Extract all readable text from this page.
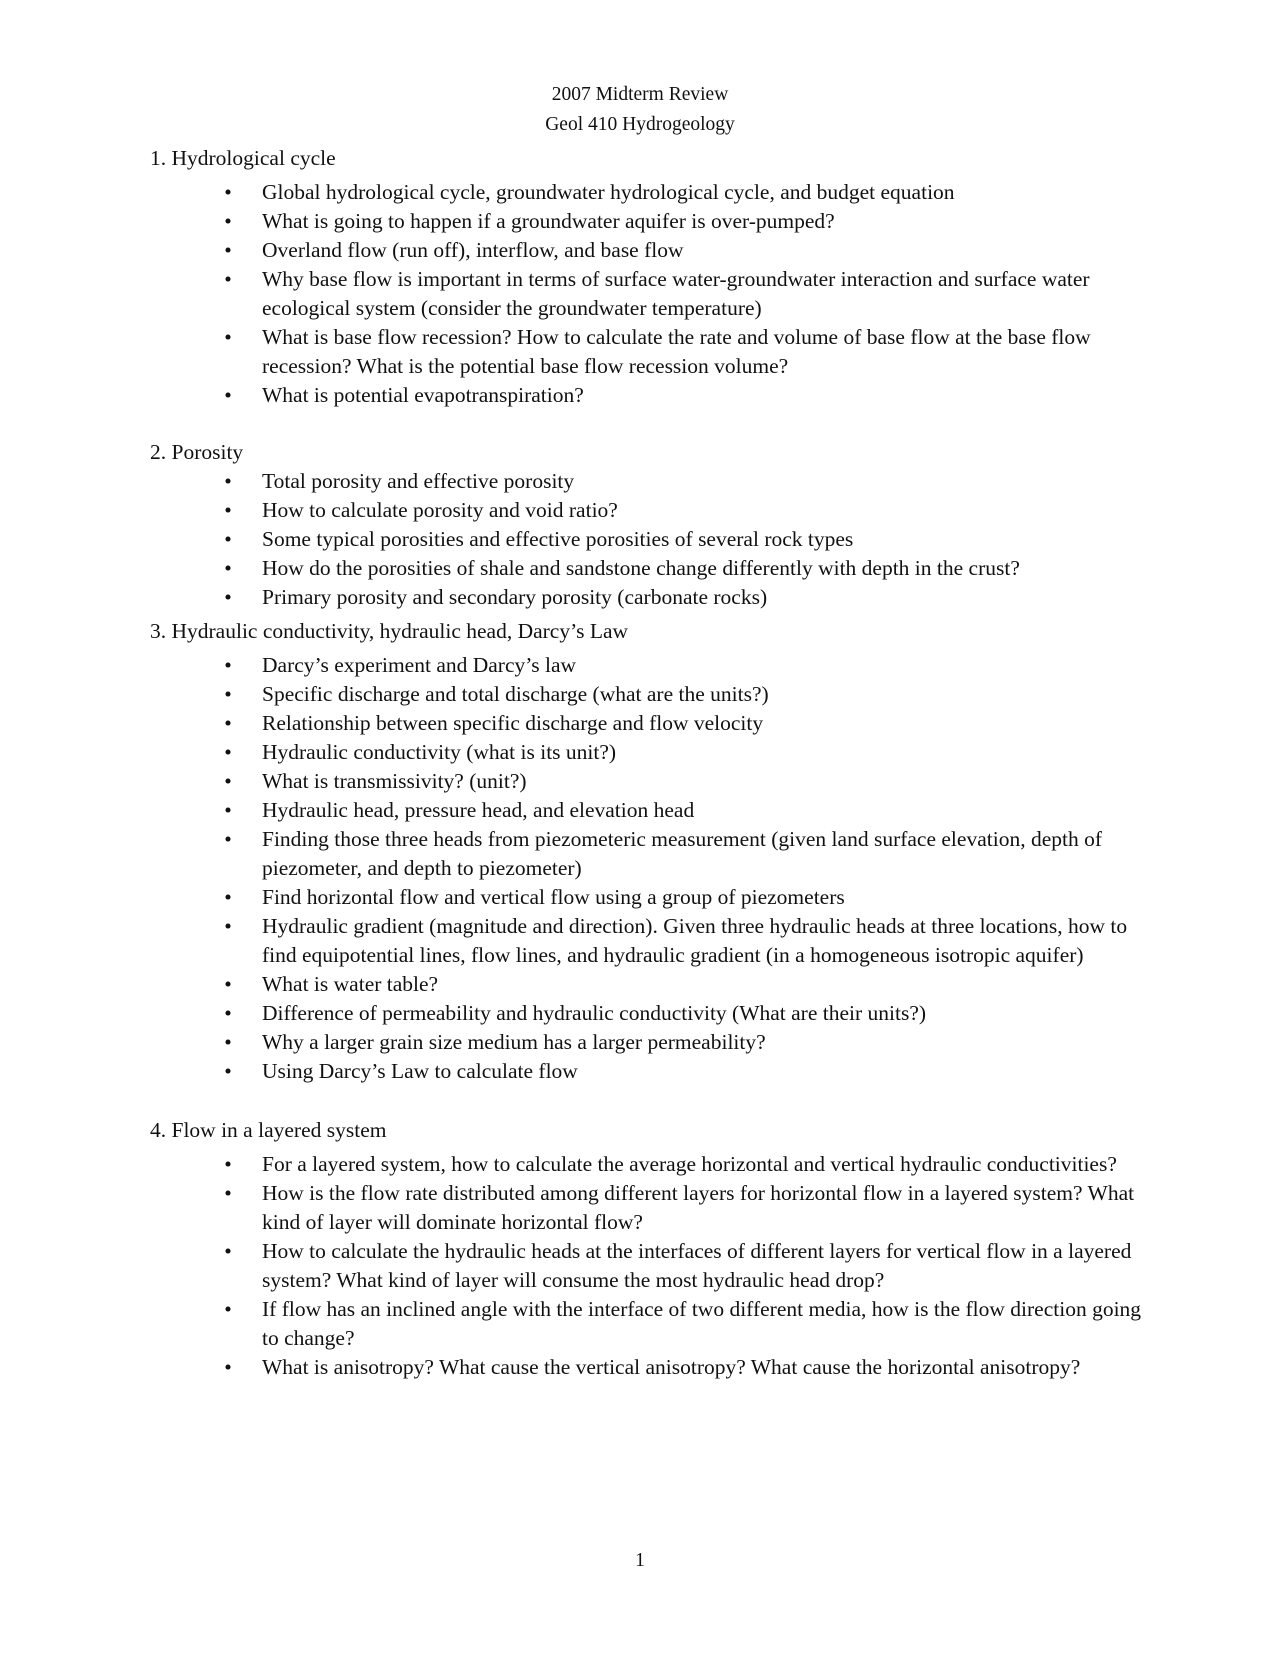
2007 Midterm Review
Geol 410 Hydrogeology
1. Hydrological cycle
• Global hydrological cycle, groundwater hydrological cycle, and budget equation
• What is going to happen if a groundwater aquifer is over-pumped?
• Overland flow (run off), interflow, and base flow
• Why base flow is important in terms of surface water-groundwater interaction and surface water ecological system (consider the groundwater temperature)
• What is base flow recession? How to calculate the rate and volume of base flow at the base flow recession? What is the potential base flow recession volume?
• What is potential evapotranspiration?
2. Porosity
• Total porosity and effective porosity
• How to calculate porosity and void ratio?
• Some typical porosities and effective porosities of several rock types
• How do the porosities of shale and sandstone change differently with depth in the crust?
• Primary porosity and secondary porosity (carbonate rocks)
3. Hydraulic conductivity, hydraulic head, Darcy’s Law
• Darcy’s experiment and Darcy’s law
• Specific discharge and total discharge (what are the units?)
• Relationship between specific discharge and flow velocity
• Hydraulic conductivity (what is its unit?)
• What is transmissivity? (unit?)
• Hydraulic head, pressure head, and elevation head
• Finding those three heads from piezometeric measurement (given land surface elevation, depth of piezometer, and depth to piezometer)
• Find horizontal flow and vertical flow using a group of piezometers
• Hydraulic gradient (magnitude and direction). Given three hydraulic heads at three locations, how to find equipotential lines, flow lines, and hydraulic gradient (in a homogeneous isotropic aquifer)
• What is water table?
• Difference of permeability and hydraulic conductivity (What are their units?)
• Why a larger grain size medium has a larger permeability?
• Using Darcy’s Law to calculate flow
4. Flow in a layered system
• For a layered system, how to calculate the average horizontal and vertical hydraulic conductivities?
• How is the flow rate distributed among different layers for horizontal flow in a layered system? What kind of layer will dominate horizontal flow?
• How to calculate the hydraulic heads at the interfaces of different layers for vertical flow in a layered system? What kind of layer will consume the most hydraulic head drop?
• If flow has an inclined angle with the interface of two different media, how is the flow direction going to change?
• What is anisotropy? What cause the vertical anisotropy? What cause the horizontal anisotropy?
1
